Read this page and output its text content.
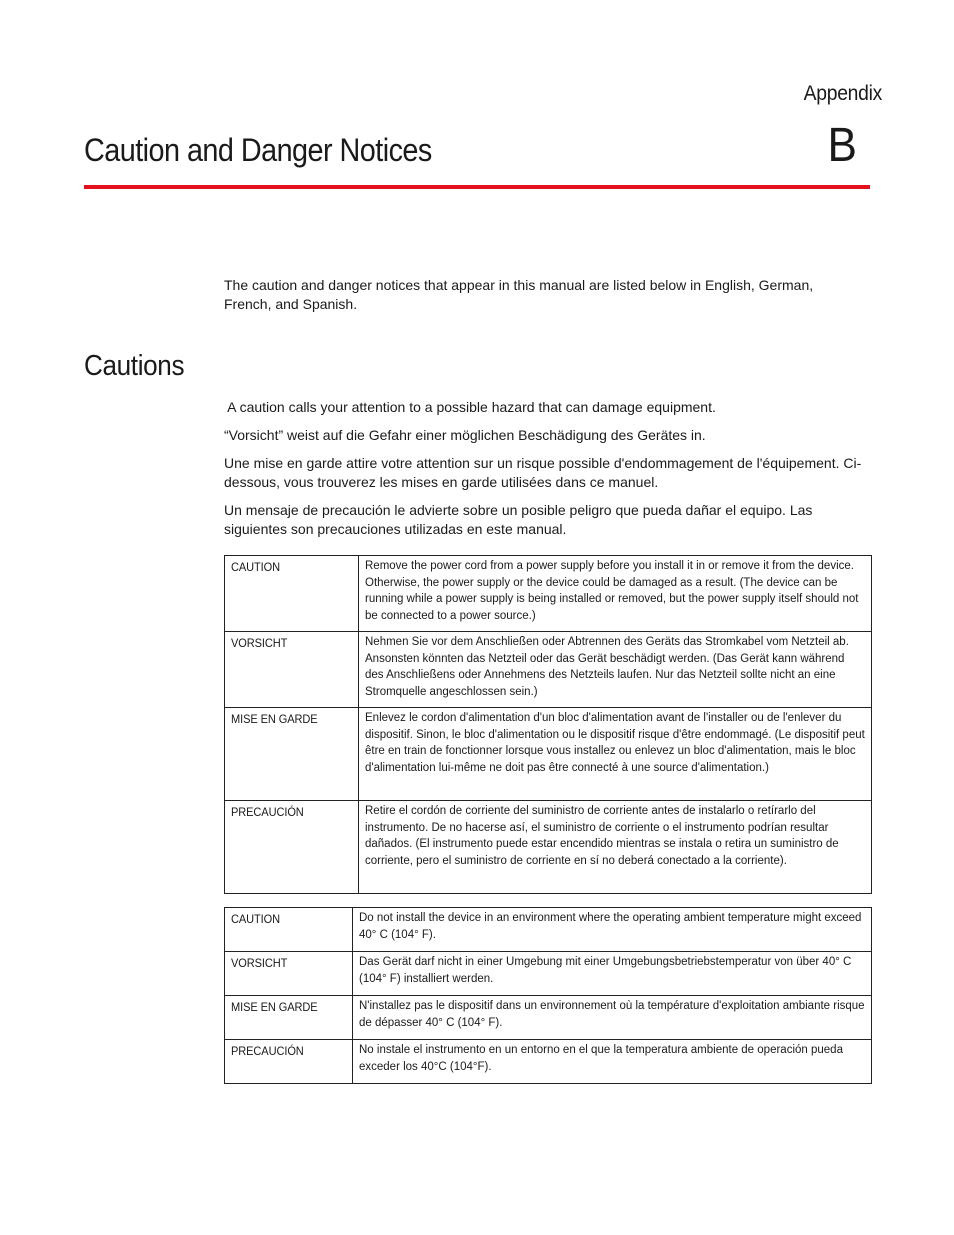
Appendix
B
Caution and Danger Notices

The caution and danger notices that appear in this manual are listed below in English, German, French, and Spanish.

Cautions

A caution calls your attention to a possible hazard that can damage equipment.

“Vorsicht” weist auf die Gefahr einer möglichen Beschädigung des Gerätes in.

Une mise en garde attire votre attention sur un risque possible d'endommagement de l'équipement. Ci-dessous, vous trouverez les mises en garde utilisées dans ce manuel.

Un mensaje de precaución le advierte sobre un posible peligro que pueda dañar el equipo. Las siguientes son precauciones utilizadas en este manual.

CAUTION	Remove the power cord from a power supply before you install it in or remove it from the device. Otherwise, the power supply or the device could be damaged as a result. (The device can be running while a power supply is being installed or removed, but the power supply itself should not be connected to a power source.)
VORSICHT	Nehmen Sie vor dem Anschließen oder Abtrennen des Geräts das Stromkabel vom Netzteil ab. Ansonsten könnten das Netzteil oder das Gerät beschädigt werden. (Das Gerät kann während des Anschließens oder Annehmens des Netzteils laufen. Nur das Netzteil sollte nicht an eine Stromquelle angeschlossen sein.)
MISE EN GARDE	Enlevez le cordon d'alimentation d'un bloc d'alimentation avant de l'installer ou de l'enlever du dispositif. Sinon, le bloc d'alimentation ou le dispositif risque d'être endommagé. (Le dispositif peut être en train de fonctionner lorsque vous installez ou enlevez un bloc d'alimentation, mais le bloc d'alimentation lui-même ne doit pas être connecté à une source d'alimentation.)
PRECAUCIÓN	Retire el cordón de corriente del suministro de corriente antes de instalarlo o retírarlo del instrumento. De no hacerse así, el suministro de corriente o el instrumento podrían resultar dañados. (El instrumento puede estar encendido mientras se instala o retira un suministro de corriente, pero el suministro de corriente en sí no deberá conectado a la corriente).
CAUTION	Do not install the device in an environment where the operating ambient temperature might exceed 40° C (104° F).
VORSICHT	Das Gerät darf nicht in einer Umgebung mit einer Umgebungsbetriebstemperatur von über 40° C (104° F) installiert werden.
MISE EN GARDE	N'installez pas le dispositif dans un environnement où la température d'exploitation ambiante risque de dépasser 40° C (104° F).
PRECAUCIÓN	No instale el instrumento en un entorno en el que la temperatura ambiente de operación pueda exceder los 40°C (104°F).
